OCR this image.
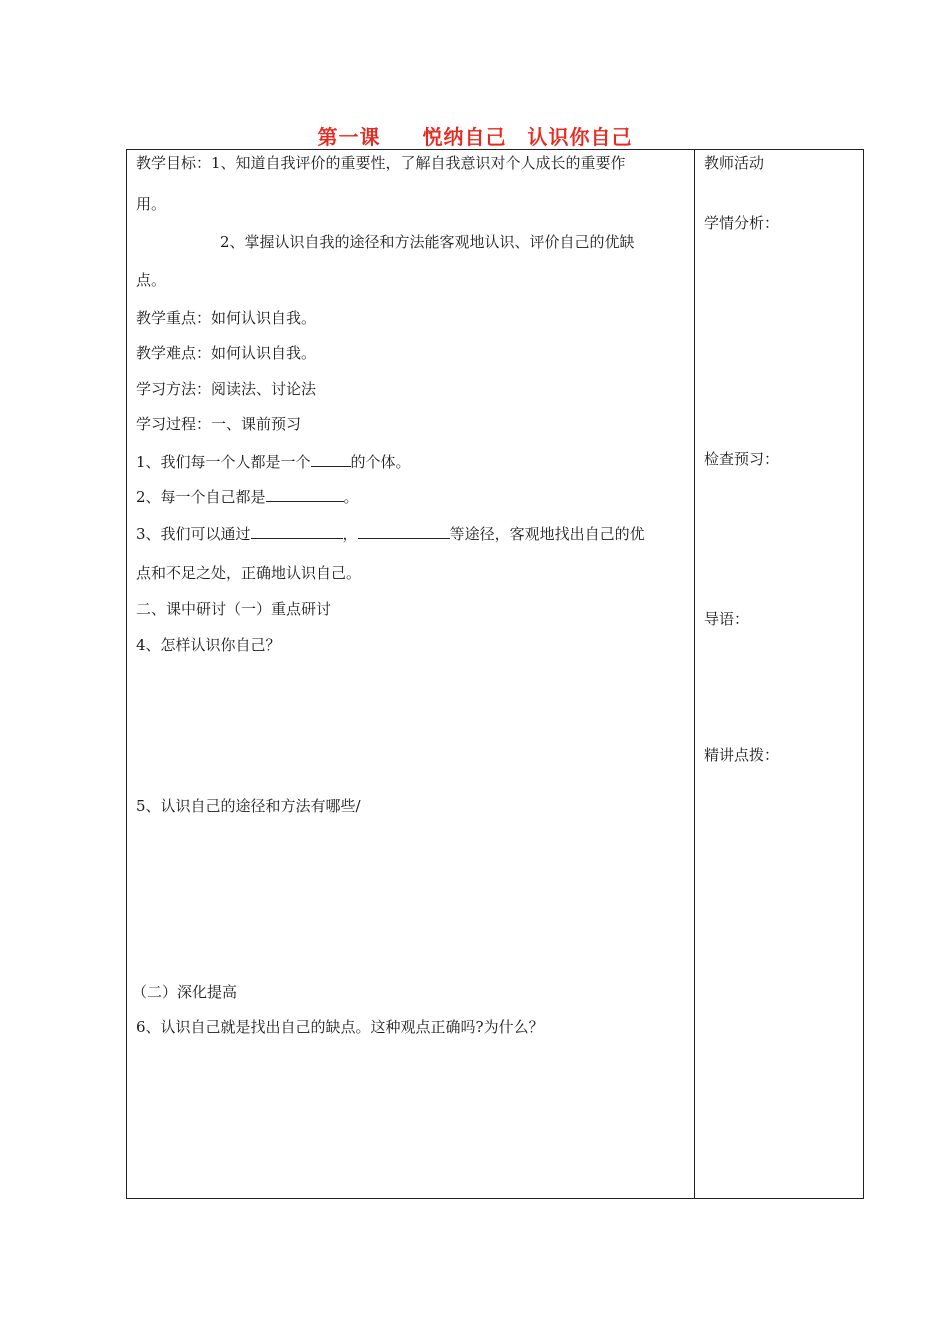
第一课　　悦纳自己　认识你自己
教学目标：1、知道自我评价的重要性，了解自我意识对个人成长的重要作
用。
2、掌握认识自我的途径和方法能客观地认识、评价自己的优缺
点。
教学重点：如何认识自我。
教学难点：如何认识自我。
学习方法：阅读法、讨论法
学习过程：一、课前预习
1、我们每一个人都是一个	的个体。
2、每一个自己都是	。
3、我们可以通过	，	等途径，客观地找出自己的优
点和不足之处，正确地认识自己。
二、课中研讨（一）重点研讨
4、怎样认识你自己？
5、认识自己的途径和方法有哪些/
（二）深化提高
6、认识自己就是找出自己的缺点。这种观点正确吗?为什么？
教师活动
学情分析：
检查预习：
导语：
精讲点拨：
